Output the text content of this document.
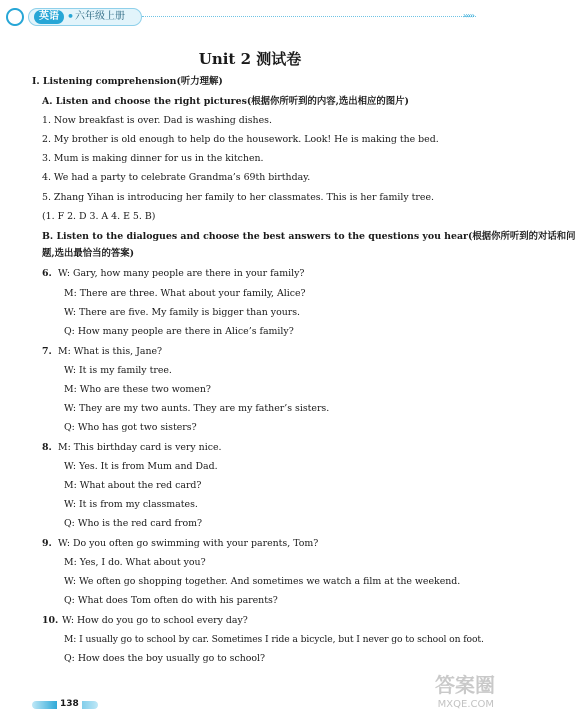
英语 • 六年级上册	›››››
Unit 2 测试卷
Ⅰ. Listening comprehension(听力理解)
A. Listen and choose the right pictures(根据你所听到的内容,选出相应的图片)
1. Now breakfast is over. Dad is washing dishes.
2. My brother is old enough to help do the housework. Look! He is making the bed.
3. Mum is making dinner for us in the kitchen.
4. We had a party to celebrate Grandma’s 69th birthday.
5. Zhang Yihan is introducing her family to her classmates. This is her family tree.
(1. F 2. D 3. A 4. E 5. B)
B. Listen to the dialogues and choose the best answers to the questions you hear(根据你所听到的对话和问
题,选出最恰当的答案)
6. W: Gary, how many people are there in your family?
M: There are three. What about your family, Alice?
W: There are five. My family is bigger than yours.
Q: How many people are there in Alice’s family?
7. M: What is this, Jane?
W: It is my family tree.
M: Who are these two women?
W: They are my two aunts. They are my father’s sisters.
Q: Who has got two sisters?
8. M: This birthday card is very nice.
W: Yes. It is from Mum and Dad.
M: What about the red card?
W: It is from my classmates.
Q: Who is the red card from?
9. W: Do you often go swimming with your parents, Tom?
M: Yes, I do. What about you?
W: We often go shopping together. And sometimes we watch a film at the weekend.
Q: What does Tom often do with his parents?
10. W: How do you go to school every day?
M: I usually go to school by car. Sometimes I ride a bicycle, but I never go to school on foot.
Q: How does the boy usually go to school?
138
答案圈
MXQE.COM
